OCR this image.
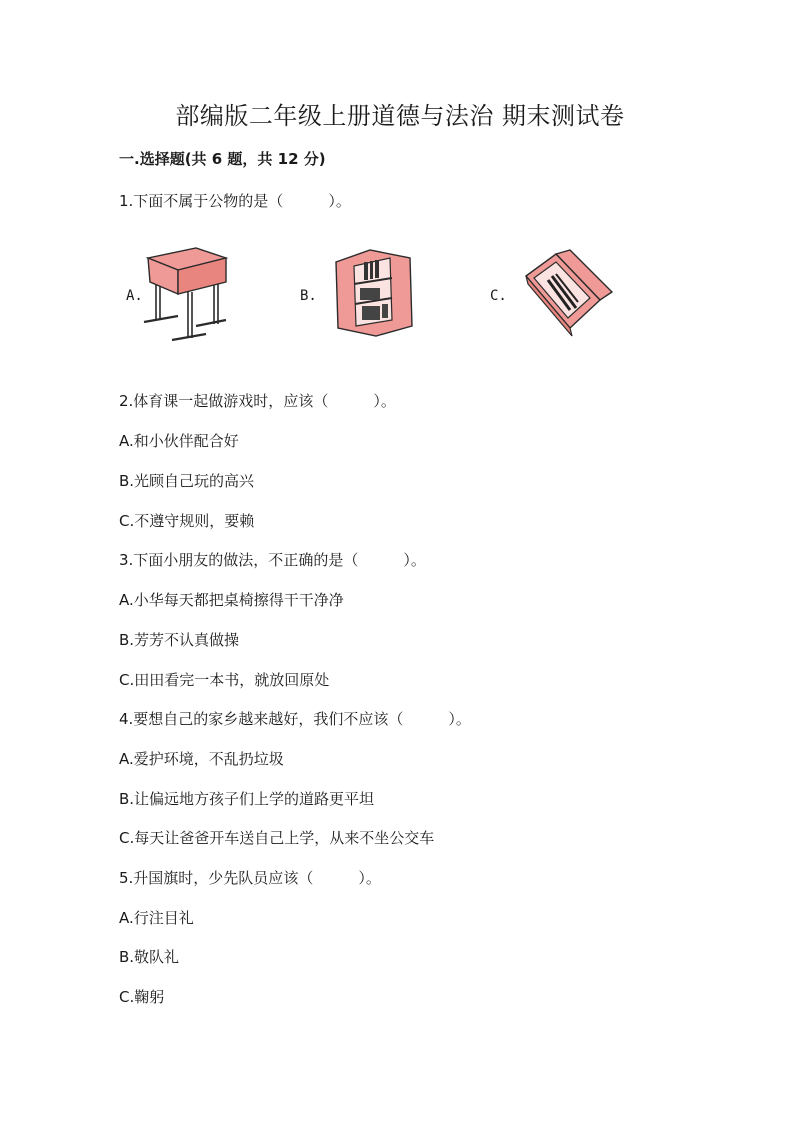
部编版二年级上册道德与法治 期末测试卷
一.选择题(共 6 题，共 12 分)
1.下面不属于公物的是（　　　）。
A.	B.	C.
2.体育课一起做游戏时，应该（　　　）。
A.和小伙伴配合好
B.光顾自己玩的高兴
C.不遵守规则，要赖
3.下面小朋友的做法，不正确的是（　　　）。
A.小华每天都把桌椅擦得干干净净
B.芳芳不认真做操
C.田田看完一本书，就放回原处
4.要想自己的家乡越来越好，我们不应该（　　　）。
A.爱护环境，不乱扔垃圾
B.让偏远地方孩子们上学的道路更平坦
C.每天让爸爸开车送自己上学，从来不坐公交车
5.升国旗时，少先队员应该（　　　）。
A.行注目礼
B.敬队礼
C.鞠躬
